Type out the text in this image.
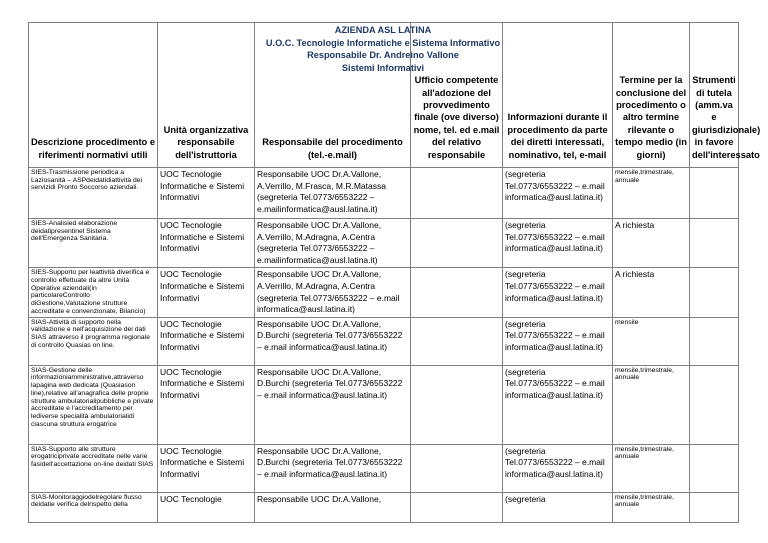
Descrizione procedimento e riferimenti normativi utili	Unità organizzativa responsabile dell'istruttoria	Responsabile del procedimento (tel.-e.mail)	Ufficio competente all'adozione del provvedimento finale (ove diverso) nome, tel. ed e.mail del relativo responsabile	Informazioni durante il procedimento da parte dei diretti interessati, nominativo, tel, e-mail	Termine per la conclusione del procedimento o altro termine rilevante o tempo medio (in giorni)	Strumenti di tutela (amm.va e giurisdizionale) in favore dell'interessato
SIES-Trasmissione periodica a Laziosanità – ASPdeidatidiattività dei servizidi Pronto Soccorso aziendali.	UOC Tecnologie Informatiche e Sistemi Informativi	Responsabile UOC Dr.A.Vallone, A.Verrillo, M.Frasca, M.R.Matassa (segreteria Tel.0773/6553222 – e.mailinformatica@ausl.latina.it)		(segreteria Tel.0773/6553222 – e.mail informatica@ausl.latina.it)	mensile,trimestrale, annuale	
SIES-Analisied elaborazione deidatipresentinel Sistema dell'Emergenza Sanitaria.	UOC Tecnologie Informatiche e Sistemi Informativi	Responsabile UOC Dr.A.Vallone, A.Verrillo, M.Adragna, A.Centra (segreteria Tel.0773/6553222 – e.mailinformatica@ausl.latina.it)		(segreteria Tel.0773/6553222 – e.mail informatica@ausl.latina.it)	A richiesta	
SIES-Supporto per leattività diverifica e controllo effettuate da altre Unità Operative aziendali(in particolareControllo diGestione,Valutazione strutture accreditate e convenzionate, Bilancio)	UOC Tecnologie Informatiche e Sistemi Informativi	Responsabile UOC Dr.A.Vallone, A.Verrillo, M.Adragna, A.Centra (segreteria Tel.0773/6553222 – e.mail informatica@ausl.latina.it)		(segreteria Tel.0773/6553222 – e.mail informatica@ausl.latina.it)	A richiesta	
SIAS-Attività di supporto nella validazione e nell'acquisizione dei dati SIAS attraverso il programma regionale di controllo Quasias on line.	UOC Tecnologie Informatiche e Sistemi Informativi	Responsabile UOC Dr.A.Vallone, D.Burchi (segreteria Tel.0773/6553222 – e.mail informatica@ausl.latina.it)		(segreteria Tel.0773/6553222 – e.mail informatica@ausl.latina.it)	mensile	
SIAS-Gestione delle informazioniamministrative,attraverso lapagina web dedicata (Quasiason line),relative all'anagrafica delle proprie strutture ambulatorialipubbliche e private accreditate e l'accreditamento per lediverse specialità ambulatorialidi ciascuna struttura erogatrice	UOC Tecnologie Informatiche e Sistemi Informativi	Responsabile UOC Dr.A.Vallone, D.Burchi (segreteria Tel.0773/6553222 – e.mail informatica@ausl.latina.it)		(segreteria Tel.0773/6553222 – e.mail informatica@ausl.latina.it)	mensile,trimestrale, annuale	
SIAS-Supporto alle strutture erogatriciprivate accreditate nelle varie fasidell'accettazione on-line deidati SIAS	UOC Tecnologie Informatiche e Sistemi Informativi	Responsabile UOC Dr.A.Vallone, D.Burchi (segreteria Tel.0773/6553222 – e.mail informatica@ausl.latina.it)		(segreteria Tel.0773/6553222 – e.mail informatica@ausl.latina.it)	mensile,trimestrale, annuale	
SIAS-Monitoraggiodelregolare flusso deidatie verifica delrispetto della	UOC Tecnologie	Responsabile UOC Dr.A.Vallone,		(segreteria	mensile,trimestrale, annuale	
AZIENDA ASL LATINA
U.O.C. Tecnologie Informatiche e Sistema Informativo
Responsabile Dr. Andreino Vallone
Sistemi Informativi
